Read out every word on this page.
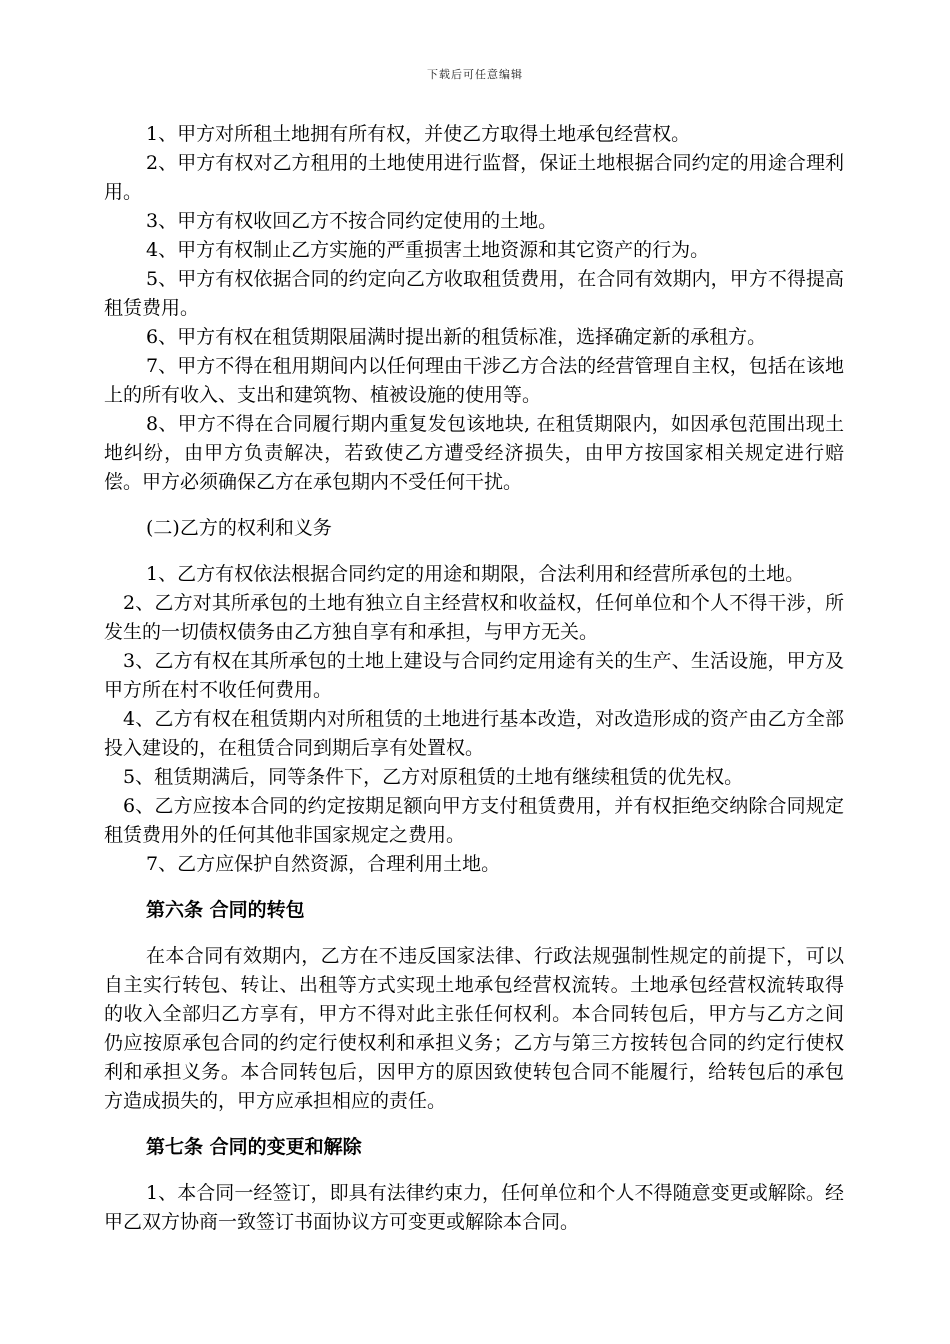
下载后可任意编辑

1、甲方对所租土地拥有所有权，并使乙方取得土地承包经营权。

2、甲方有权对乙方租用的土地使用进行监督，保证土地根据合同约定的用途合理利用。

3、甲方有权收回乙方不按合同约定使用的土地。

4、甲方有权制止乙方实施的严重损害土地资源和其它资产的行为。

5、甲方有权依据合同的约定向乙方收取租赁费用，在合同有效期内，甲方不得提高租赁费用。

6、甲方有权在租赁期限届满时提出新的租赁标准，选择确定新的承租方。

7、甲方不得在租用期间内以任何理由干涉乙方合法的经营管理自主权，包括在该地上的所有收入、支出和建筑物、植被设施的使用等。

8、甲方不得在合同履行期内重复发包该地块, 在租赁期限内，如因承包范围出现土地纠纷，由甲方负责解决，若致使乙方遭受经济损失，由甲方按国家相关规定进行赔偿。甲方必须确保乙方在承包期内不受任何干扰。

(二)乙方的权利和义务

1、乙方有权依法根据合同约定的用途和期限，合法利用和经营所承包的土地。

2、乙方对其所承包的土地有独立自主经营权和收益权，任何单位和个人不得干涉，所发生的一切债权债务由乙方独自享有和承担，与甲方无关。

3、乙方有权在其所承包的土地上建设与合同约定用途有关的生产、生活设施，甲方及甲方所在村不收任何费用。

4、乙方有权在租赁期内对所租赁的土地进行基本改造，对改造形成的资产由乙方全部投入建设的，在租赁合同到期后享有处置权。

5、租赁期满后，同等条件下，乙方对原租赁的土地有继续租赁的优先权。

6、乙方应按本合同的约定按期足额向甲方支付租赁费用，并有权拒绝交纳除合同规定租赁费用外的任何其他非国家规定之费用。

7、乙方应保护自然资源，合理利用土地。

第六条 合同的转包

在本合同有效期内，乙方在不违反国家法律、行政法规强制性规定的前提下，可以自主实行转包、转让、出租等方式实现土地承包经营权流转。土地承包经营权流转取得的收入全部归乙方享有，甲方不得对此主张任何权利。本合同转包后，甲方与乙方之间仍应按原承包合同的约定行使权利和承担义务；乙方与第三方按转包合同的约定行使权利和承担义务。本合同转包后，因甲方的原因致使转包合同不能履行，给转包后的承包方造成损失的，甲方应承担相应的责任。

第七条 合同的变更和解除

1、本合同一经签订，即具有法律约束力，任何单位和个人不得随意变更或解除。经甲乙双方协商一致签订书面协议方可变更或解除本合同。
